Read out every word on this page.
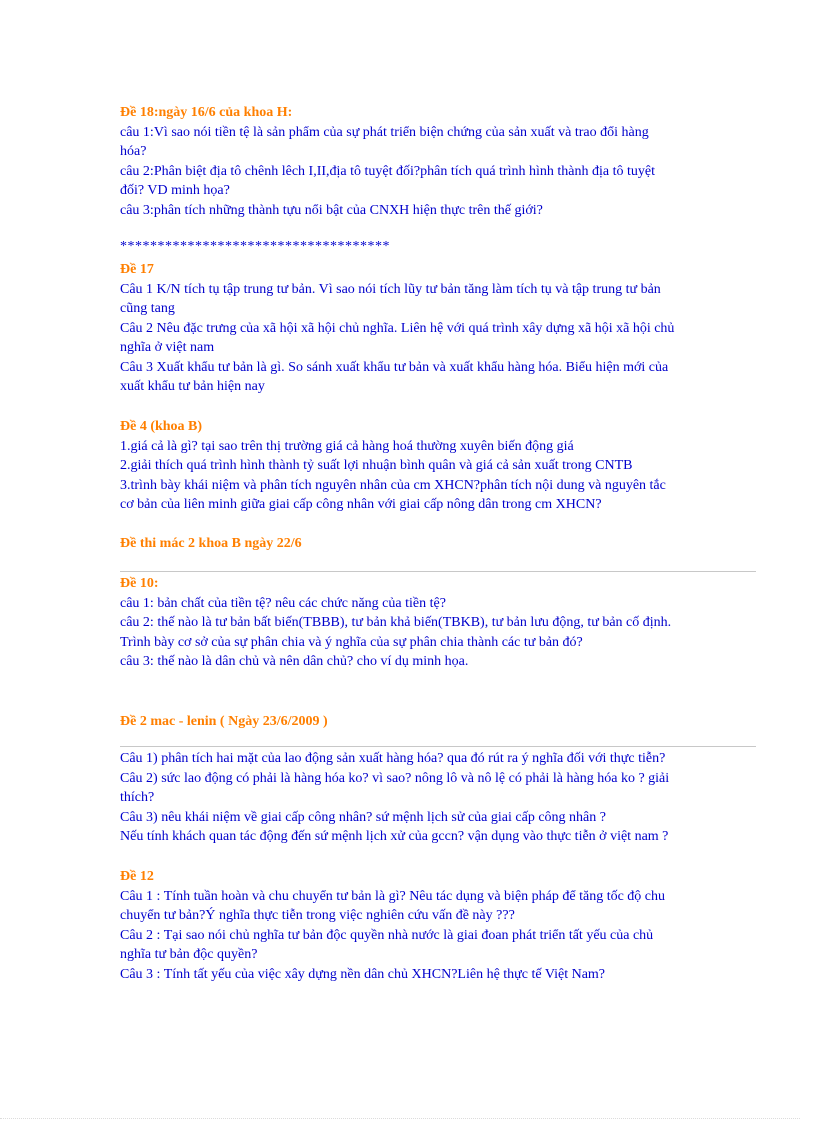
Đề 18:ngày 16/6 của khoa H:

câu 1:Vì sao nói tiền tệ là sản phẩm của sự phát triển biện chứng của sản xuất và trao đổi hàng

hóa?

câu 2:Phân biệt địa tô chênh lêch I,II,địa tô tuyệt đối?phân tích quá trình hình thành địa tô tuyệt

đối? VD minh họa?

câu 3:phân tích những thành tựu nổi bật của CNXH hiện thực trên thế giới?

************************************

Đề 17

Câu 1 K/N tích tụ tập trung tư bản. Vì sao nói tích lũy tư bản tăng làm tích tụ và tập trung tư bản

cũng tang

Câu 2 Nêu đặc trưng của xã hội xã hội chủ nghĩa. Liên hệ với quá trình xây dựng xã hội xã hội chủ

nghĩa ở việt nam

Câu 3 Xuất khẩu tư bản là gì. So sánh xuất khẩu tư bản và xuất khẩu hàng hóa. Biểu hiện mới của

xuất khẩu tư bản hiện nay

Đề 4 (khoa B)

1.giá cả là gì? tại sao trên thị trường giá cả hàng hoá thường xuyên biến động giá

2.giải thích quá trình hình thành tỷ suất lợi nhuận bình quân và giá cả sản xuất trong CNTB

3.trình bày khái niệm và phân tích nguyên nhân của cm XHCN?phân tích nội dung và nguyên tắc

cơ bản của liên minh giữa giai cấp công nhân với giai cấp nông dân trong cm XHCN?

Đề thi mác 2 khoa B ngày 22/6

Đề 10:

câu 1: bản chất của tiền tệ? nêu các chức năng của tiền tệ?

câu 2: thế nào là tư bản bất biến(TBBB), tư bản khả biến(TBKB), tư bản lưu động, tư bản cố định.

Trình bày cơ sở của sự phân chia và ý nghĩa của sự phân chia thành các tư bản đó?

câu 3: thế nào là dân chủ và nên dân chủ? cho ví dụ minh họa.

Đề 2 mac - lenin ( Ngày 23/6/2009 )

Câu 1) phân tích hai mặt của lao động sản xuất hàng hóa? qua đó rút ra ý nghĩa đối với thực tiễn?

Câu 2) sức lao động có phải là hàng hóa ko? vì sao? nông lô và nô lệ có phải là hàng hóa ko ? giải

thích?

Câu 3) nêu khái niệm về giai cấp công nhân? sứ mệnh lịch sử của giai cấp công nhân ?

Nếu tính khách quan tác động đến sứ mệnh lịch xử của gccn? vận dụng vào thực tiễn ở việt nam ?

Đề 12

Câu 1 : Tính tuần hoàn và chu chuyển tư bản là gì? Nêu tác dụng và biện pháp để tăng tốc độ chu

chuyển tư bản?Ý nghĩa thực tiễn trong việc nghiên cứu vấn đề này ???

Câu 2 : Tại sao nói chủ nghĩa tư bản độc quyền nhà nước là giai đoan phát triển tất yếu của chủ

nghĩa tư bản độc quyền?

Câu 3 : Tính tất yếu của việc xây dựng nền dân chủ XHCN?Liên hệ thực tế Việt Nam?
